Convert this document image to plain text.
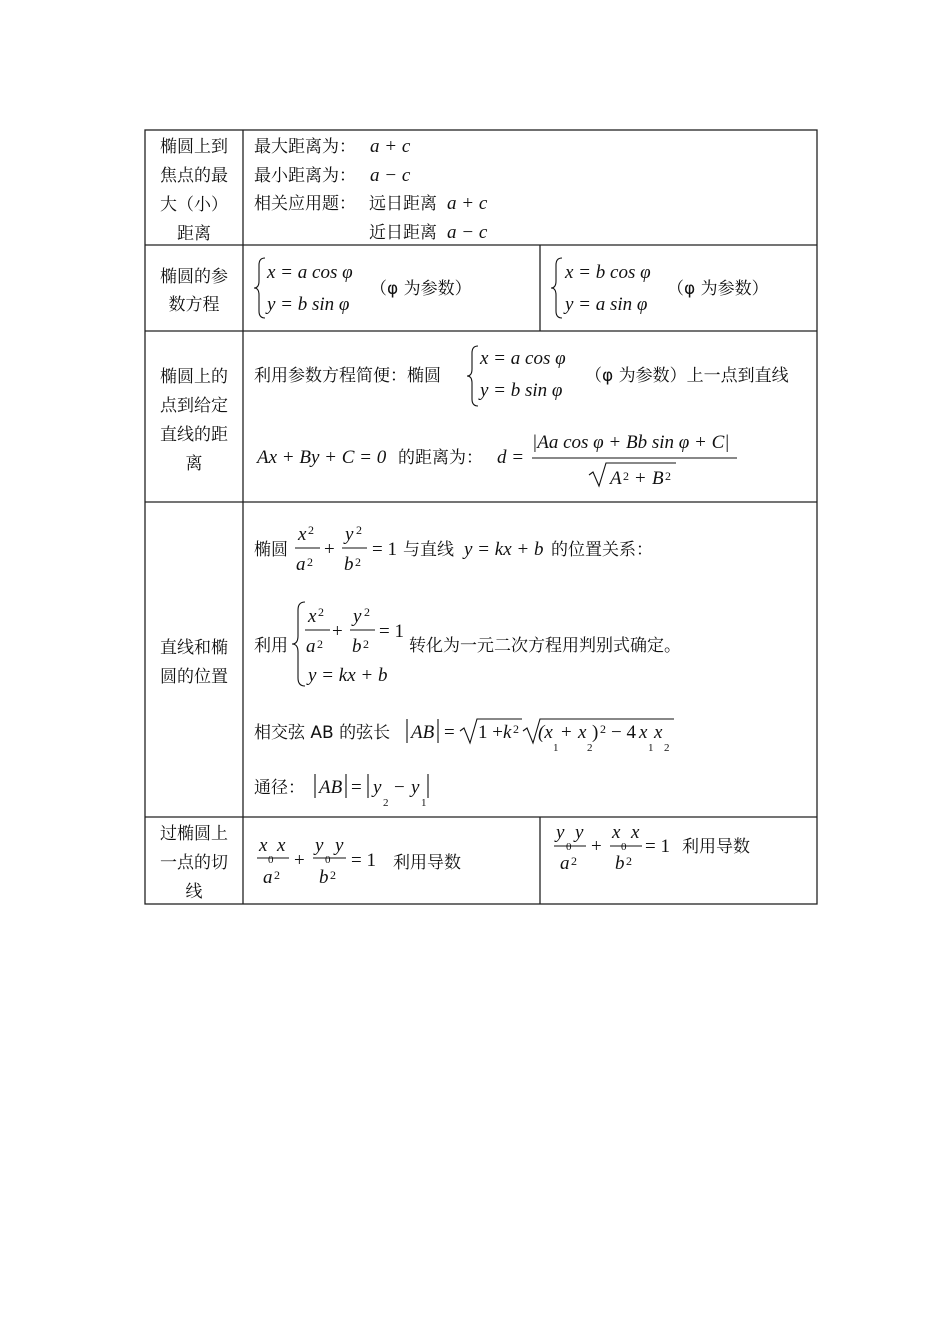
椭圆上到
焦点的最
大（小）
距离
最大距离为： a + c
最小距离为： a − c
相关应用题： 远日距离 a + c
近日距离 a − c
椭圆的参
数方程
x = a cos φ
y = b sin φ
（φ 为参数）
x = b cos φ
y = a sin φ
（φ 为参数）
椭圆上的
点到给定
直线的距
离
利用参数方程简便：椭圆
x = a cos φ
y = b sin φ
（φ 为参数）上一点到直线
Ax + By + C = 0 的距离为： d =
|Aa cos φ + Bb sin φ + C|
A 2 + B 2
直线和椭
圆的位置
椭圆
x 2
a 2
+
y 2
b 2
= 1 与直线 y = kx + b 的位置关系：
利用
x 2
a 2
+
y 2
b 2
= 1
y = kx + b
转化为一元二次方程用判别式确定。
相交弦 AB 的弦长 AB = 1 + k 2 (x
1
+ x
2
) 2 − 4 x
1
x
2
通径： AB = y
2
− y
1
过椭圆上
一点的切
线
x x
0
a 2
+
y y
0
b 2
= 1 利用导数
y y
0
a 2
+
x x
0
b 2
= 1 利用导数
